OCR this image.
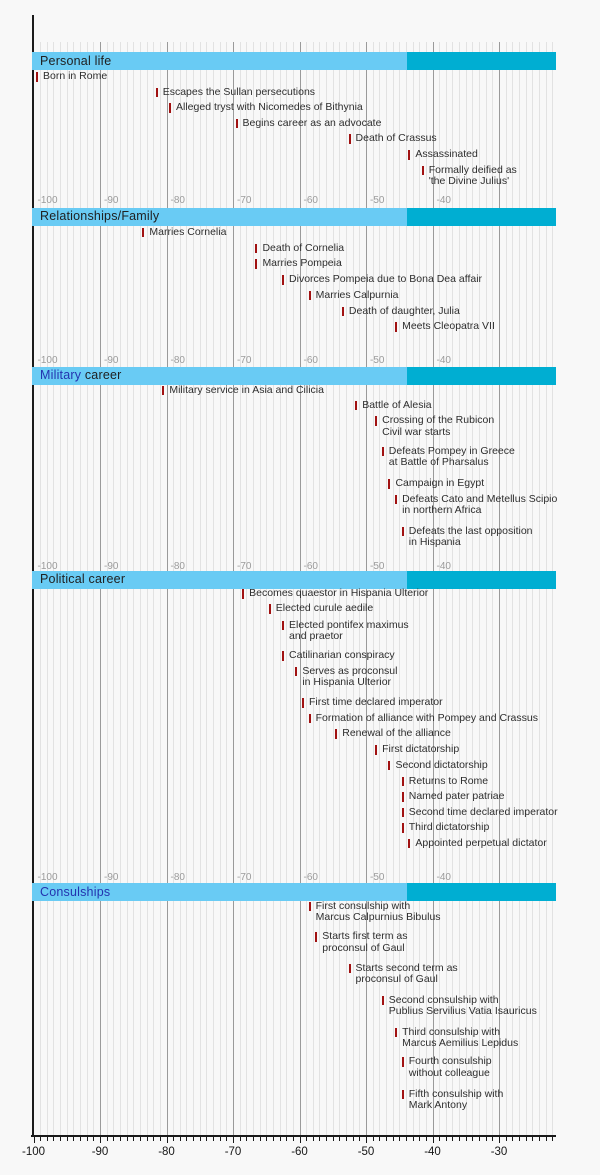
Personal life
-100	-90	-80	-70	-60	-50	-40
Born in Rome
Escapes the Sullan persecutions
Alleged tryst with Nicomedes of Bithynia
Begins career as an advocate
Death of Crassus
Assassinated
Formally deified as
'the Divine Julius'
Relationships/Family
-100	-90	-80	-70	-60	-50	-40
Marries Cornelia
Death of Cornelia
Marries Pompeia
Divorces Pompeia due to Bona Dea affair
Marries Calpurnia
Death of daughter, Julia
Meets Cleopatra VII
Military career
-100	-90	-80	-70	-60	-50	-40
Military service in Asia and Cilicia
Battle of Alesia
Crossing of the Rubicon
Civil war starts
Defeats Pompey in Greece
at Battle of Pharsalus
Campaign in Egypt
Defeats Cato and Metellus Scipio
in northern Africa
Defeats the last opposition
in Hispania
Political career
-100	-90	-80	-70	-60	-50	-40
Becomes quaestor in Hispania Ulterior
Elected curule aedile
Elected pontifex maximus
and praetor
Catilinarian conspiracy
Serves as proconsul
in Hispania Ulterior
First time declared imperator
Formation of alliance with Pompey and Crassus
Renewal of the alliance
First dictatorship
Second dictatorship
Returns to Rome
Named pater patriae
Second time declared imperator
Third dictatorship
Appointed perpetual dictator
Consulships
First consulship with
Marcus Calpurnius Bibulus
Starts first term as
proconsul of Gaul
Starts second term as
proconsul of Gaul
Second consulship with
Publius Servilius Vatia Isauricus
Third consulship with
Marcus Aemilius Lepidus
Fourth consulship
without colleague
Fifth consulship with
Mark Antony
-100	-90	-80	-70	-60	-50	-40	-30
